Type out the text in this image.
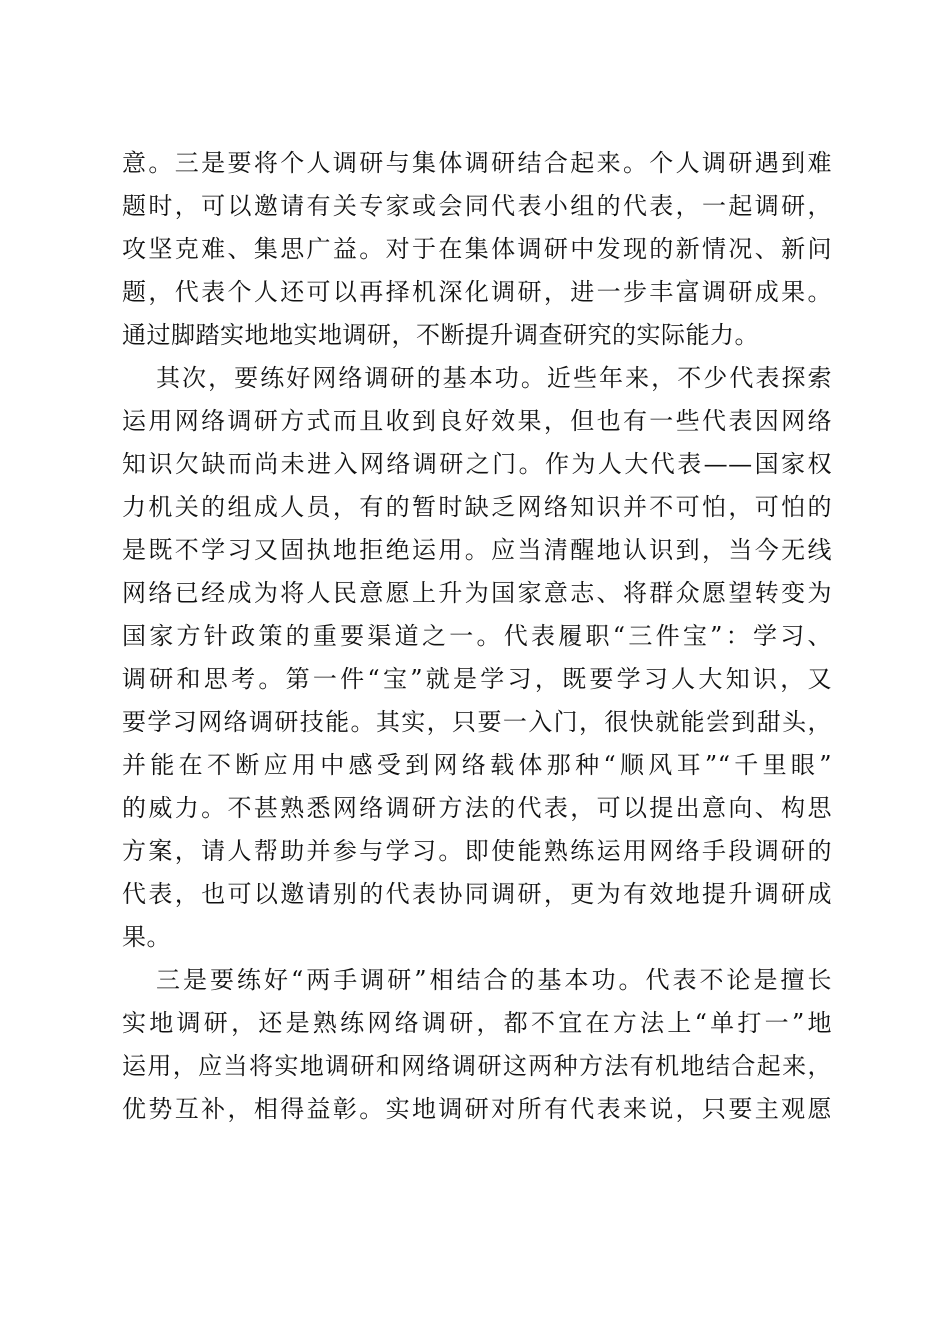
意。三是要将个人调研与集体调研结合起来。个人调研遇到难
题时，可以邀请有关专家或会同代表小组的代表，一起调研，
攻坚克难、集思广益。对于在集体调研中发现的新情况、新问
题，代表个人还可以再择机深化调研，进一步丰富调研成果。
通过脚踏实地地实地调研，不断提升调查研究的实际能力。
其次，要练好网络调研的基本功。近些年来，不少代表探索
运用网络调研方式而且收到良好效果，但也有一些代表因网络
知识欠缺而尚未进入网络调研之门。作为人大代表——国家权
力机关的组成人员，有的暂时缺乏网络知识并不可怕，可怕的
是既不学习又固执地拒绝运用。应当清醒地认识到，当今无线
网络已经成为将人民意愿上升为国家意志、将群众愿望转变为
国家方针政策的重要渠道之一。代表履职“三件宝”：学习、
调研和思考。第一件“宝”就是学习，既要学习人大知识，又
要学习网络调研技能。其实，只要一入门，很快就能尝到甜头，
并能在不断应用中感受到网络载体那种“顺风耳”“千里眼”
的威力。不甚熟悉网络调研方法的代表，可以提出意向、构思
方案，请人帮助并参与学习。即使能熟练运用网络手段调研的
代表，也可以邀请别的代表协同调研，更为有效地提升调研成
果。
三是要练好“两手调研”相结合的基本功。代表不论是擅长
实地调研，还是熟练网络调研，都不宜在方法上“单打一”地
运用，应当将实地调研和网络调研这两种方法有机地结合起来，
优势互补，相得益彰。实地调研对所有代表来说，只要主观愿
